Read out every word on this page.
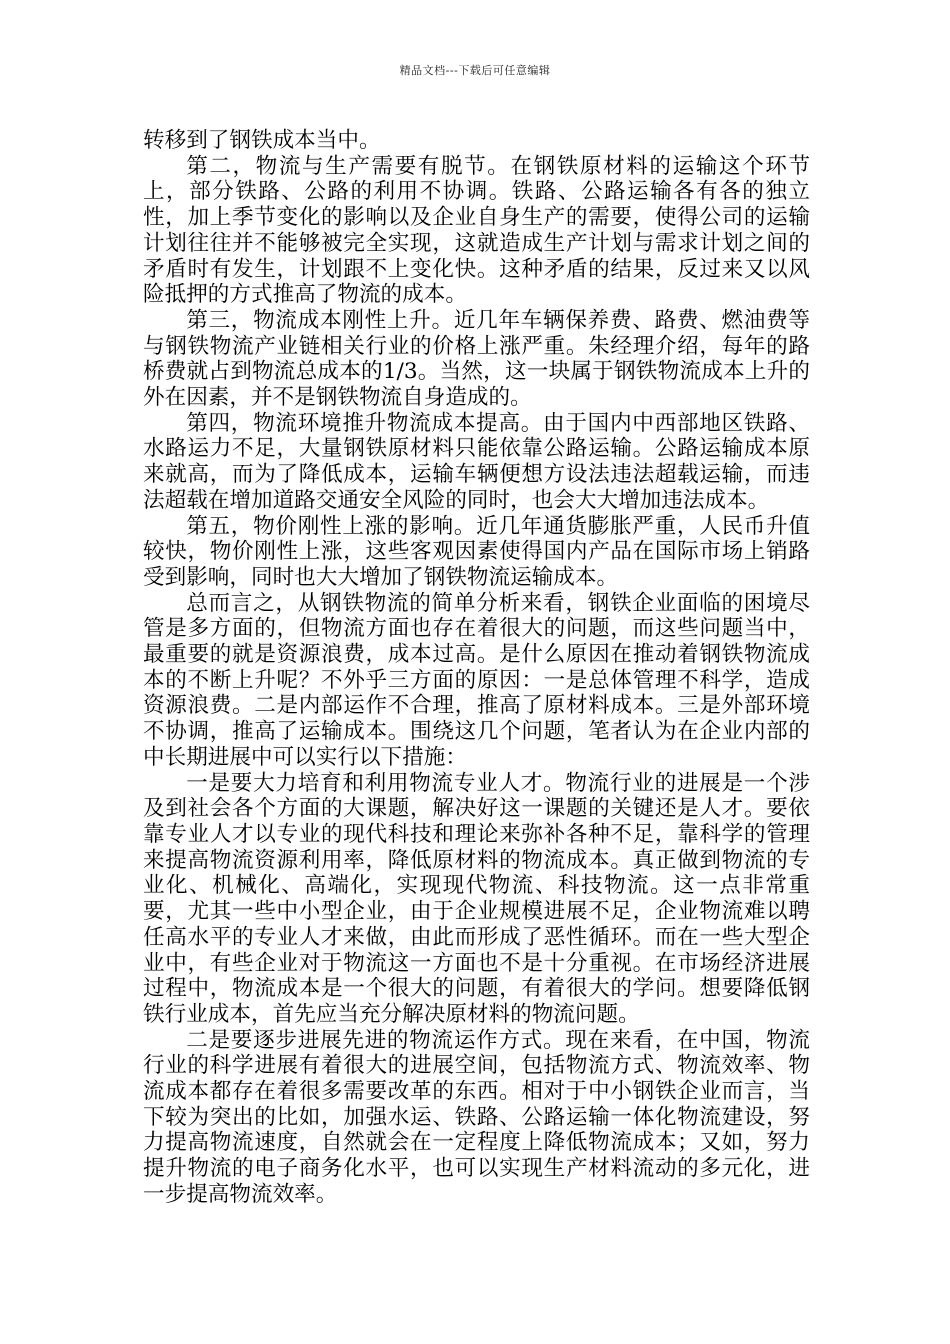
精品文档---下载后可任意编辑

转移到了钢铁成本当中。

第二，物流与生产需要有脱节。在钢铁原材料的运输这个环节上，部分铁路、公路的利用不协调。铁路、公路运输各有各的独立性，加上季节变化的影响以及企业自身生产的需要，使得公司的运输计划往往并不能够被完全实现，这就造成生产计划与需求计划之间的矛盾时有发生，计划跟不上变化快。这种矛盾的结果，反过来又以风险抵押的方式推高了物流的成本。

第三，物流成本刚性上升。近几年车辆保养费、路费、燃油费等与钢铁物流产业链相关行业的价格上涨严重。朱经理介绍，每年的路桥费就占到物流总成本的1/3。当然，这一块属于钢铁物流成本上升的外在因素，并不是钢铁物流自身造成的。

第四，物流环境推升物流成本提高。由于国内中西部地区铁路、水路运力不足，大量钢铁原材料只能依靠公路运输。公路运输成本原来就高，而为了降低成本，运输车辆便想方设法违法超载运输，而违法超载在增加道路交通安全风险的同时，也会大大增加违法成本。

第五，物价刚性上涨的影响。近几年通货膨胀严重，人民币升值较快，物价刚性上涨，这些客观因素使得国内产品在国际市场上销路受到影响，同时也大大增加了钢铁物流运输成本。

总而言之，从钢铁物流的简单分析来看，钢铁企业面临的困境尽管是多方面的，但物流方面也存在着很大的问题，而这些问题当中，最重要的就是资源浪费，成本过高。是什么原因在推动着钢铁物流成本的不断上升呢？不外乎三方面的原因：一是总体管理不科学，造成资源浪费。二是内部运作不合理，推高了原材料成本。三是外部环境不协调，推高了运输成本。围绕这几个问题，笔者认为在企业内部的中长期进展中可以实行以下措施：

一是要大力培育和利用物流专业人才。物流行业的进展是一个涉及到社会各个方面的大课题，解决好这一课题的关键还是人才。要依靠专业人才以专业的现代科技和理论来弥补各种不足，靠科学的管理来提高物流资源利用率，降低原材料的物流成本。真正做到物流的专业化、机械化、高端化，实现现代物流、科技物流。这一点非常重要，尤其一些中小型企业，由于企业规模进展不足，企业物流难以聘任高水平的专业人才来做，由此而形成了恶性循环。而在一些大型企业中，有些企业对于物流这一方面也不是十分重视。在市场经济进展过程中，物流成本是一个很大的问题，有着很大的学问。想要降低钢铁行业成本，首先应当充分解决原材料的物流问题。

二是要逐步进展先进的物流运作方式。现在来看，在中国，物流行业的科学进展有着很大的进展空间，包括物流方式、物流效率、物流成本都存在着很多需要改革的东西。相对于中小钢铁企业而言，当下较为突出的比如，加强水运、铁路、公路运输一体化物流建设，努力提高物流速度，自然就会在一定程度上降低物流成本；又如，努力提升物流的电子商务化水平，也可以实现生产材料流动的多元化，进一步提高物流效率。
